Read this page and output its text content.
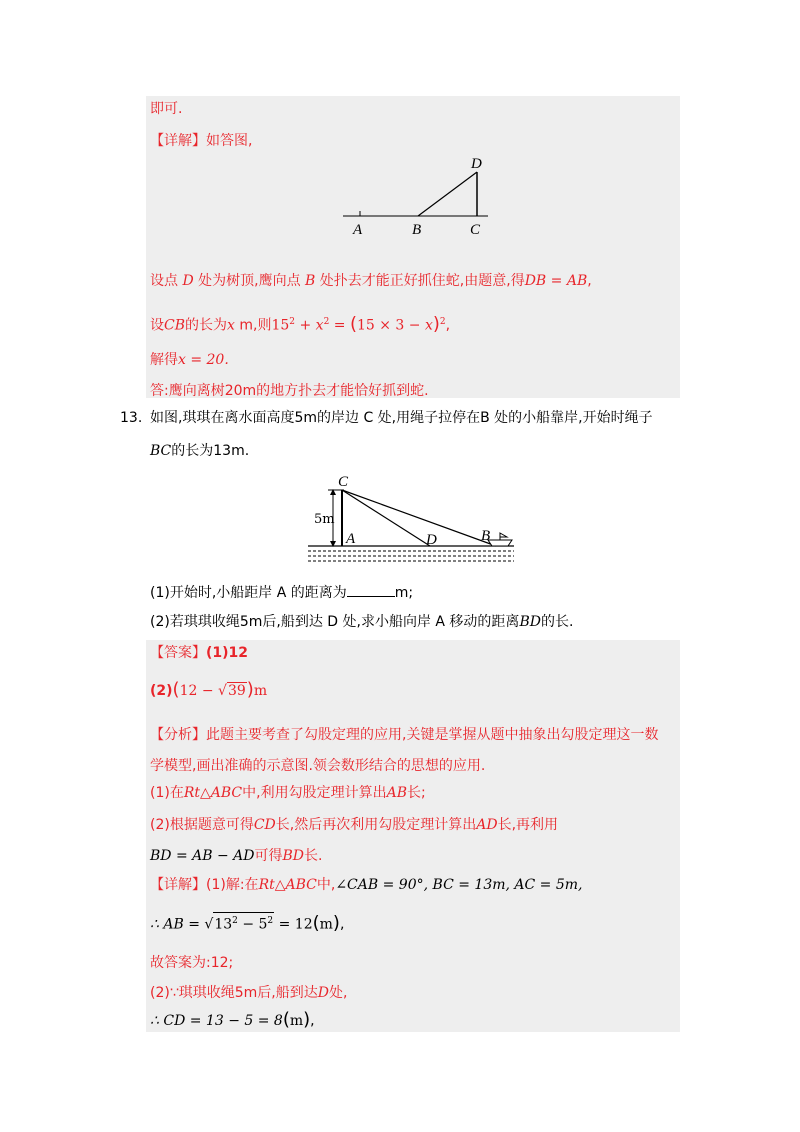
即可.
【详解】如答图,
A	B	C
D
设点 D 处为树顶,鹰向点 B 处扑去才能正好抓住蛇,由题意,得DB = AB,
设CB的长为x m,则$15^2 + x^2 = (15 \times 3 - x)^2$,
解得x = 20.
答:鹰向离树20m的地方扑去才能恰好抓到蛇.
13. 如图,琪琪在离水面高度5m的岸边 C 处,用绳子拉停在B 处的小船靠岸,开始时绳子
BC的长为13m.
C
A	D	B
5m
(1)开始时,小船距岸 A 的距离为	m;
(2)若琪琪收绳5m后,船到达 D 处,求小船向岸 A 移动的距离BD的长.
【答案】(1)12
(2)(12 − √39)m
【分析】此题主要考查了勾股定理的应用,关键是掌握从题中抽象出勾股定理这一数
学模型,画出准确的示意图.领会数形结合的思想的应用.
(1)在Rt△ABC中,利用勾股定理计算出AB长;
(2)根据题意可得CD长,然后再次利用勾股定理计算出AD长,再利用
BD = AB − AD可得BD长.
【详解】(1)解:在Rt△ABC中,∠CAB = 90°, BC = 13m, AC = 5m,
∴ AB = $√13^2 - 5^2 = 12(m)$,
故答案为:12;
(2)∵琪琪收绳5m后,船到达D处,
∴ CD = 13 − 5 = 8(m),
